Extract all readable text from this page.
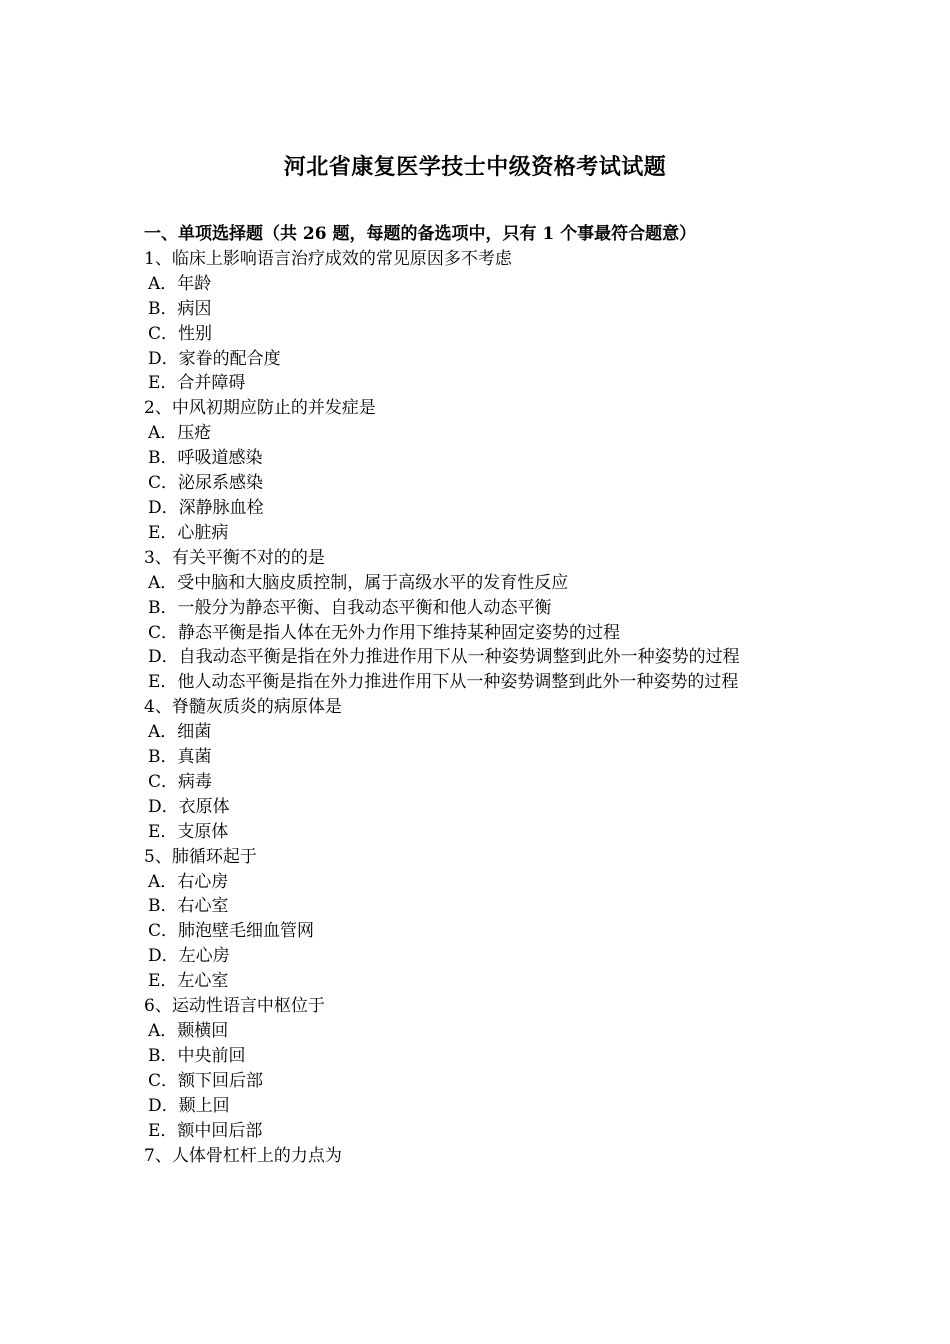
河北省康复医学技士中级资格考试试题
一、单项选择题（共 26 题，每题的备选项中，只有 1 个事最符合题意）
1、临床上影响语言治疗成效的常见原因多不考虑
A．年龄
B．病因
C．性别
D．家眷的配合度
E．合并障碍
2、中风初期应防止的并发症是
A．压疮
B．呼吸道感染
C．泌尿系感染
D．深静脉血栓
E．心脏病
3、有关平衡不对的的是
A．受中脑和大脑皮质控制，属于高级水平的发育性反应
B．一般分为静态平衡、自我动态平衡和他人动态平衡
C．静态平衡是指人体在无外力作用下维持某种固定姿势的过程
D．自我动态平衡是指在外力推进作用下从一种姿势调整到此外一种姿势的过程
E．他人动态平衡是指在外力推进作用下从一种姿势调整到此外一种姿势的过程
4、脊髓灰质炎的病原体是
A．细菌
B．真菌
C．病毒
D．衣原体
E．支原体
5、肺循环起于
A．右心房
B．右心室
C．肺泡壁毛细血管网
D．左心房
E．左心室
6、运动性语言中枢位于
A．颞横回
B．中央前回
C．额下回后部
D．颞上回
E．额中回后部
7、人体骨杠杆上的力点为
